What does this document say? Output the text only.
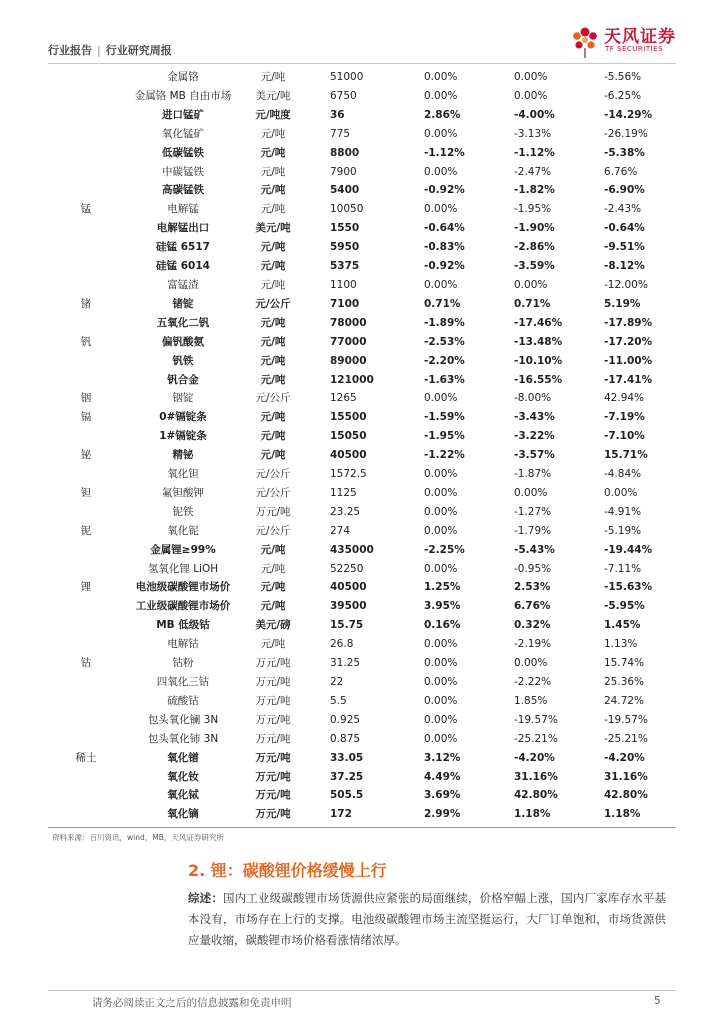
行业报告 | 行业研究周报
天风证券
TF SECURITIES
	金属铬	元/吨	51000	0.00%	0.00%	-5.56%
	金属铬 MB 自由市场	美元/吨	6750	0.00%	0.00%	-6.25%
	进口锰矿	元/吨度	36	2.86%	-4.00%	-14.29%
	氧化锰矿	元/吨	775	0.00%	-3.13%	-26.19%
	低碳锰铁	元/吨	8800	-1.12%	-1.12%	-5.38%
	中碳锰铁	元/吨	7900	0.00%	-2.47%	6.76%
	高碳锰铁	元/吨	5400	-0.92%	-1.82%	-6.90%
锰	电解锰	元/吨	10050	0.00%	-1.95%	-2.43%
	电解锰出口	美元/吨	1550	-0.64%	-1.90%	-0.64%
	硅锰 6517	元/吨	5950	-0.83%	-2.86%	-9.51%
	硅锰 6014	元/吨	5375	-0.92%	-3.59%	-8.12%
	富锰渣	元/吨	1100	0.00%	0.00%	-12.00%
锗	锗锭	元/公斤	7100	0.71%	0.71%	5.19%
	五氧化二钒	元/吨	78000	-1.89%	-17.46%	-17.89%
钒	偏钒酸氨	元/吨	77000	-2.53%	-13.48%	-17.20%
	钒铁	元/吨	89000	-2.20%	-10.10%	-11.00%
	钒合金	元/吨	121000	-1.63%	-16.55%	-17.41%
铟	铟锭	元/公斤	1265	0.00%	-8.00%	42.94%
镉	0#镉锭条	元/吨	15500	-1.59%	-3.43%	-7.19%
	1#镉锭条	元/吨	15050	-1.95%	-3.22%	-7.10%
铋	精铋	元/吨	40500	-1.22%	-3.57%	15.71%
	氧化钽	元/公斤	1572.5	0.00%	-1.87%	-4.84%
钽	氟钽酸钾	元/公斤	1125	0.00%	0.00%	0.00%
	铌铁	万元/吨	23.25	0.00%	-1.27%	-4.91%
铌	氧化铌	元/公斤	274	0.00%	-1.79%	-5.19%
	金属锂≥99%	元/吨	435000	-2.25%	-5.43%	-19.44%
	氢氧化锂 LiOH	元/吨	52250	0.00%	-0.95%	-7.11%
锂	电池级碳酸锂市场价	元/吨	40500	1.25%	2.53%	-15.63%
	工业级碳酸锂市场价	元/吨	39500	3.95%	6.76%	-5.95%
	MB 低级钴	美元/磅	15.75	0.16%	0.32%	1.45%
	电解钴	元/吨	26.8	0.00%	-2.19%	1.13%
钴	钴粉	万元/吨	31.25	0.00%	0.00%	15.74%
	四氧化三钴	万元/吨	22	0.00%	-2.22%	25.36%
	硫酸钴	万元/吨	5.5	0.00%	1.85%	24.72%
	包头氧化镧 3N	万元/吨	0.925	0.00%	-19.57%	-19.57%
	包头氧化铈 3N	万元/吨	0.875	0.00%	-25.21%	-25.21%
稀土	氧化镨	万元/吨	33.05	3.12%	-4.20%	-4.20%
	氧化钕	万元/吨	37.25	4.49%	31.16%	31.16%
	氧化铽	万元/吨	505.5	3.69%	42.80%	42.80%
	氧化镝	万元/吨	172	2.99%	1.18%	1.18%
资料来源：百川资讯，wind，MB，天风证券研究所
2. 锂：碳酸锂价格缓慢上行
综述：国内工业级碳酸锂市场货源供应紧张的局面继续，价格窄幅上涨，国内厂家库存水平基本没有，市场存在上行的支撑。电池级碳酸锂市场主流坚挺运行，大厂订单饱和，市场货源供应量收缩，碳酸锂市场价格看涨情绪浓厚。
请务必阅读正文之后的信息披露和免责申明	5
